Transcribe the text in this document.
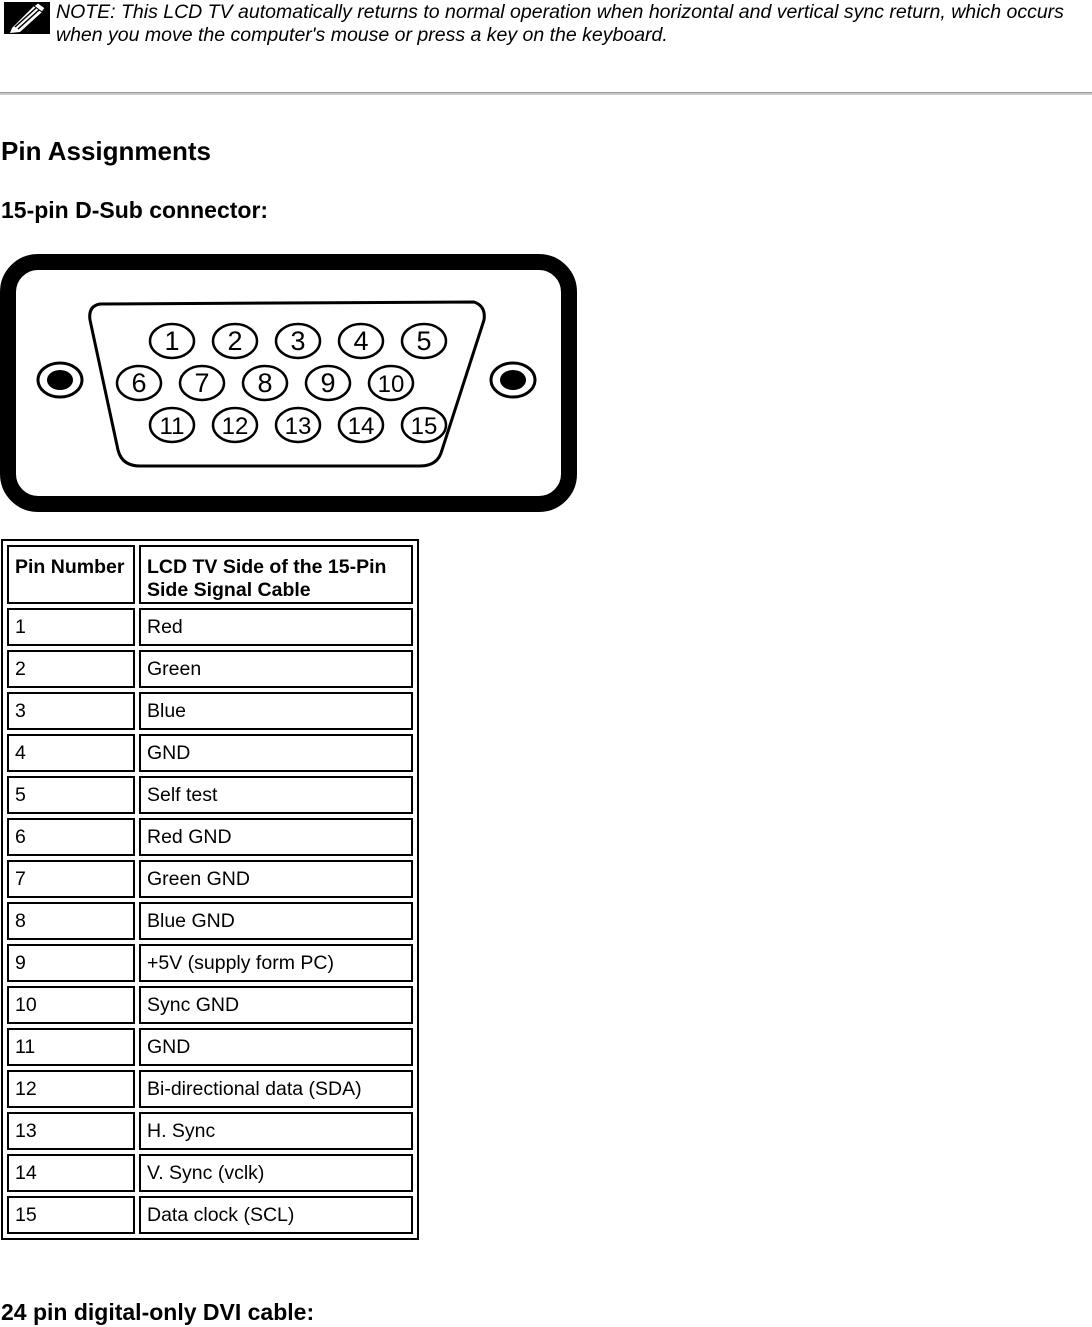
NOTE: This LCD TV automatically returns to normal operation when horizontal and vertical sync return, which occurs when you move the computer's mouse or press a key on the keyboard.
Pin Assignments
15-pin D-Sub connector:
1 2 3 4 5
6 7 8 9 10
11 12 13 14 15
Pin Number	LCD TV Side of the 15-Pin Side Signal Cable
1	Red
2	Green
3	Blue
4	GND
5	Self test
6	Red GND
7	Green GND
8	Blue GND
9	+5V (supply form PC)
10	Sync GND
11	GND
12	Bi-directional data (SDA)
13	H. Sync
14	V. Sync (vclk)
15	Data clock (SCL)
24 pin digital-only DVI cable:
